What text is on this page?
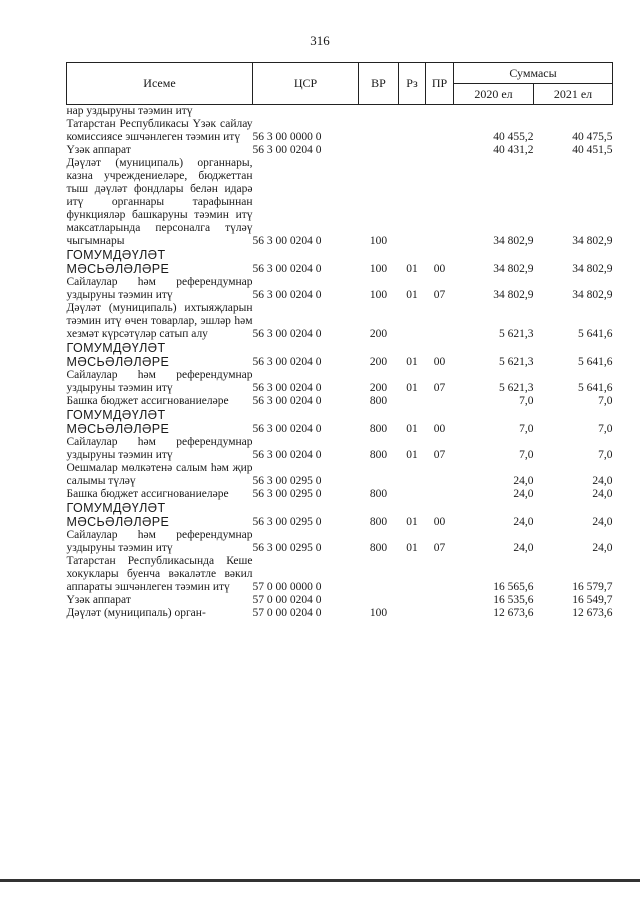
316
Исеме	ЦСР	ВР	Рз	ПР	Суммасы	
					2020 ел	2021 ел
нар уздыруны тәэмин итү						
Татарстан Республикасы Үзәк сайлау комиссиясе эшчәнлеген тәэмин итү	56 3 00 0000 0				40 455,2	40 475,5
Үзәк аппарат	56 3 00 0204 0				40 431,2	40 451,5
Дәүләт (муниципаль) органнары, казна учреждениеләре, бюджеттан тыш дәүләт фондлары белән идарә итү органнары тарафыннан функцияләр башкаруны тәэмин итү максатларында персоналга түләү чыгымнары	56 3 00 0204 0	100			34 802,9	34 802,9
ГОМУМДӘҮЛӘТ МӘСЬӘЛӘЛӘРЕ	56 3 00 0204 0	100	01	00	34 802,9	34 802,9
Сайлаулар һәм референдумнар уздыруны тәэмин итү	56 3 00 0204 0	100	01	07	34 802,9	34 802,9
Дәүләт (муниципаль) ихтыяҗларын тәэмин итү өчен товарлар, эшләр һәм хезмәт күрсәтүләр сатып алу	56 3 00 0204 0	200			5 621,3	5 641,6
ГОМУМДӘҮЛӘТ МӘСЬӘЛӘЛӘРЕ	56 3 00 0204 0	200	01	00	5 621,3	5 641,6
Сайлаулар һәм референдумнар уздыруны тәэмин итү	56 3 00 0204 0	200	01	07	5 621,3	5 641,6
Башка бюджет ассигнованиеләре	56 3 00 0204 0	800			7,0	7,0
ГОМУМДӘҮЛӘТ МӘСЬӘЛӘЛӘРЕ	56 3 00 0204 0	800	01	00	7,0	7,0
Сайлаулар һәм референдумнар уздыруны тәэмин итү	56 3 00 0204 0	800	01	07	7,0	7,0
Оешмалар мөлкәтенә салым һәм җир салымы түләү	56 3 00 0295 0				24,0	24,0
Башка бюджет ассигнованиеләре	56 3 00 0295 0	800			24,0	24,0
ГОМУМДӘҮЛӘТ МӘСЬӘЛӘЛӘРЕ	56 3 00 0295 0	800	01	00	24,0	24,0
Сайлаулар һәм референдумнар уздыруны тәэмин итү	56 3 00 0295 0	800	01	07	24,0	24,0
Татарстан Республикасында Кеше хокуклары буенча вәкаләтле вәкил аппараты эшчәнлеген тәэмин итү	57 0 00 0000 0				16 565,6	16 579,7
Үзәк аппарат	57 0 00 0204 0				16 535,6	16 549,7
Дәүләт (муниципаль) орган-	57 0 00 0204 0	100			12 673,6	12 673,6
